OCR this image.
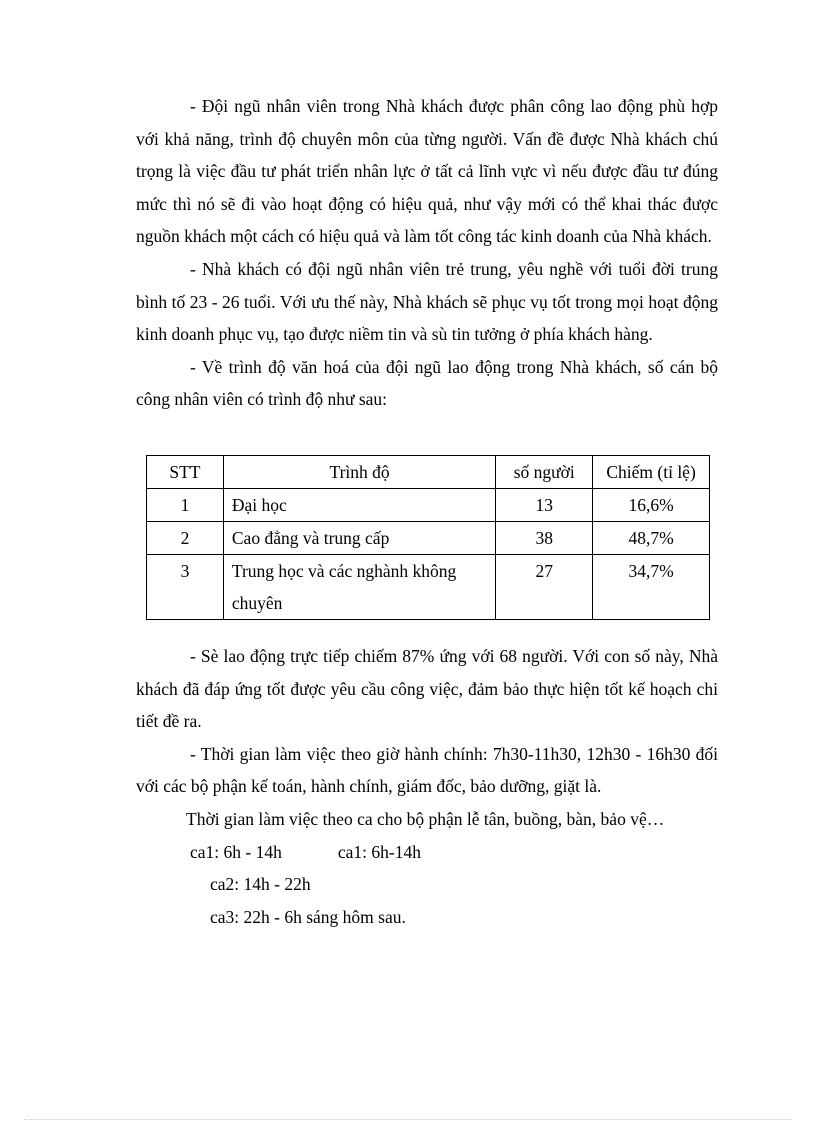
- Đội ngũ nhân viên trong Nhà khách được phân công lao động phù hợp với khả năng, trình độ chuyên môn của từng người. Vấn đề được Nhà khách chú trọng là việc đầu tư phát triển nhân lực ở tất cả lĩnh vực vì nếu được đầu tư đúng mức thì nó sẽ đi vào hoạt động có hiệu quả, như vậy mới có thể khai thác được nguồn khách một cách có hiệu quả và làm tốt công tác kinh doanh của Nhà khách.

- Nhà khách có đội ngũ nhân viên trẻ trung, yêu nghề với tuổi đời trung bình tố 23 - 26 tuổi. Với ưu thế này, Nhà khách sẽ phục vụ tốt trong mọi hoạt động kinh doanh phục vụ, tạo được niềm tin và sù tin tưởng ở phía khách hàng.

- Về trình độ văn hoá của đội ngũ lao động trong Nhà khách, số cán bộ công nhân viên có trình độ như sau:

STT	Trình độ	số người	Chiếm (tỉ lệ)
1	Đại học	13	16,6%
2	Cao đẳng và trung cấp	38	48,7%
3	Trung học và các nghành không chuyên	27	34,7%

- Sè lao động trực tiếp chiếm 87% ứng với 68 người. Với con số này, Nhà khách đã đáp ứng tốt được yêu cầu công việc, đảm bảo thực hiện tốt kế hoạch chi tiết đề ra.

- Thời gian làm việc theo giờ hành chính: 7h30-11h30, 12h30 - 16h30 đối với các bộ phận kế toán, hành chính, giám đốc, bảo dưỡng, giặt là.

Thời gian làm việc theo ca cho bộ phận lễ tân, buồng, bàn, bảo vệ…

ca1: 6h - 14h	ca1: 6h-14h
ca2: 14h - 22h
ca3: 22h - 6h sáng hôm sau.
